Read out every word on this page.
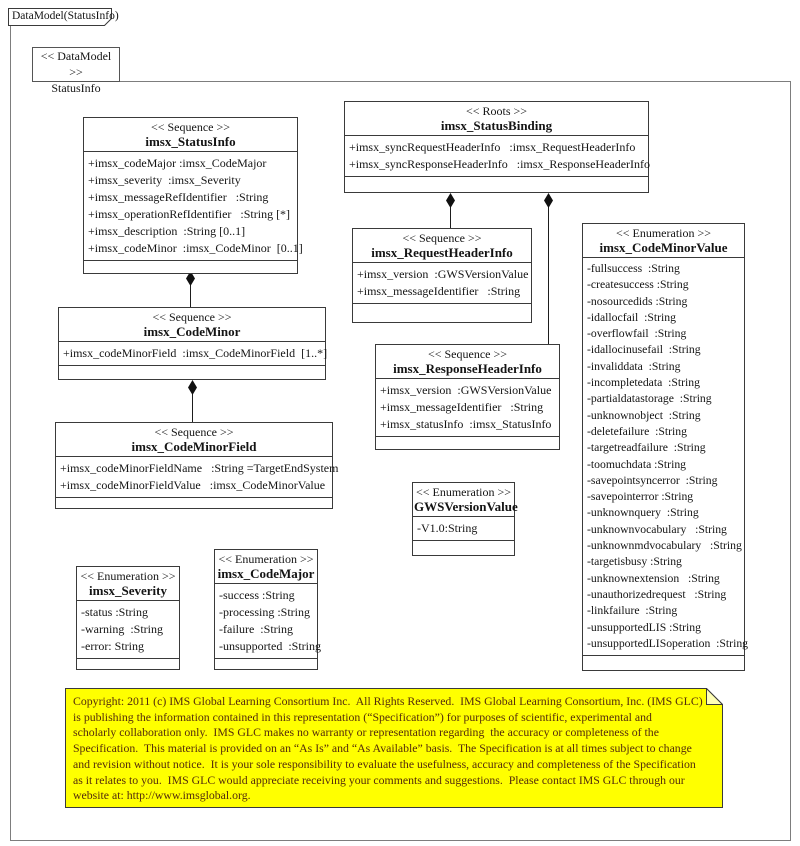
DataModel(StatusInfo)
<< DataModel >>
StatusInfo
<< Sequence >>
imsx_StatusInfo
+imsx_codeMajor :imsx_CodeMajor
+imsx_severity  :imsx_Severity
+imsx_messageRefIdentifier   :String
+imsx_operationRefIdentifier   :String [*]
+imsx_description  :String [0..1]
+imsx_codeMinor  :imsx_CodeMinor  [0..1]
<< Roots >>
imsx_StatusBinding
+imsx_syncRequestHeaderInfo   :imsx_RequestHeaderInfo
+imsx_syncResponseHeaderInfo   :imsx_ResponseHeaderInfo
<< Sequence >>
imsx_RequestHeaderInfo
+imsx_version  :GWSVersionValue
+imsx_messageIdentifier   :String
<< Sequence >>
imsx_ResponseHeaderInfo
+imsx_version  :GWSVersionValue
+imsx_messageIdentifier   :String
+imsx_statusInfo  :imsx_StatusInfo
<< Enumeration >>
imsx_CodeMinorValue
-fullsuccess  :String
-createsuccess :String
-nosourcedids :String
-idallocfail  :String
-overflowfail  :String
-idallocinusefail  :String
-invaliddata  :String
-incompletedata  :String
-partialdatastorage  :String
-unknownobject  :String
-deletefailure  :String
-targetreadfailure  :String
-toomuchdata :String
-savepointsyncerror  :String
-savepointerror :String
-unknownquery  :String
-unknownvocabulary   :String
-unknownmdvocabulary   :String
-targetisbusy :String
-unknownextension   :String
-unauthorizedrequest   :String
-linkfailure  :String
-unsupportedLIS :String
-unsupportedLISoperation  :String
<< Sequence >>
imsx_CodeMinor
+imsx_codeMinorField  :imsx_CodeMinorField  [1..*]
<< Sequence >>
imsx_CodeMinorField
+imsx_codeMinorFieldName   :String =TargetEndSystem
+imsx_codeMinorFieldValue   :imsx_CodeMinorValue	<< Enumeration >>
GWSVersionValue
-V1.0:String
<< Enumeration >>
imsx_Severity
-status :String
-warning  :String
-error: String
<< Enumeration >>
imsx_CodeMajor
-success :String
-processing :String
-failure  :String
-unsupported  :String
Copyright: 2011 (c) IMS Global Learning Consortium Inc.  All Rights Reserved.  IMS Global Learning Consortium, Inc. (IMS GLC)
is publishing the information contained in this representation (“Specification”) for purposes of scientific, experimental and
scholarly collaboration only.  IMS GLC makes no warranty or representation regarding  the accuracy or completeness of the
Specification.  This material is provided on an “As Is” and “As Available” basis.  The Specification is at all times subject to change
and revision without notice.  It is your sole responsibility to evaluate the usefulness, accuracy and completeness of the Specification
as it relates to you.  IMS GLC would appreciate receiving your comments and suggestions.  Please contact IMS GLC through our
website at: http://www.imsglobal.org.
